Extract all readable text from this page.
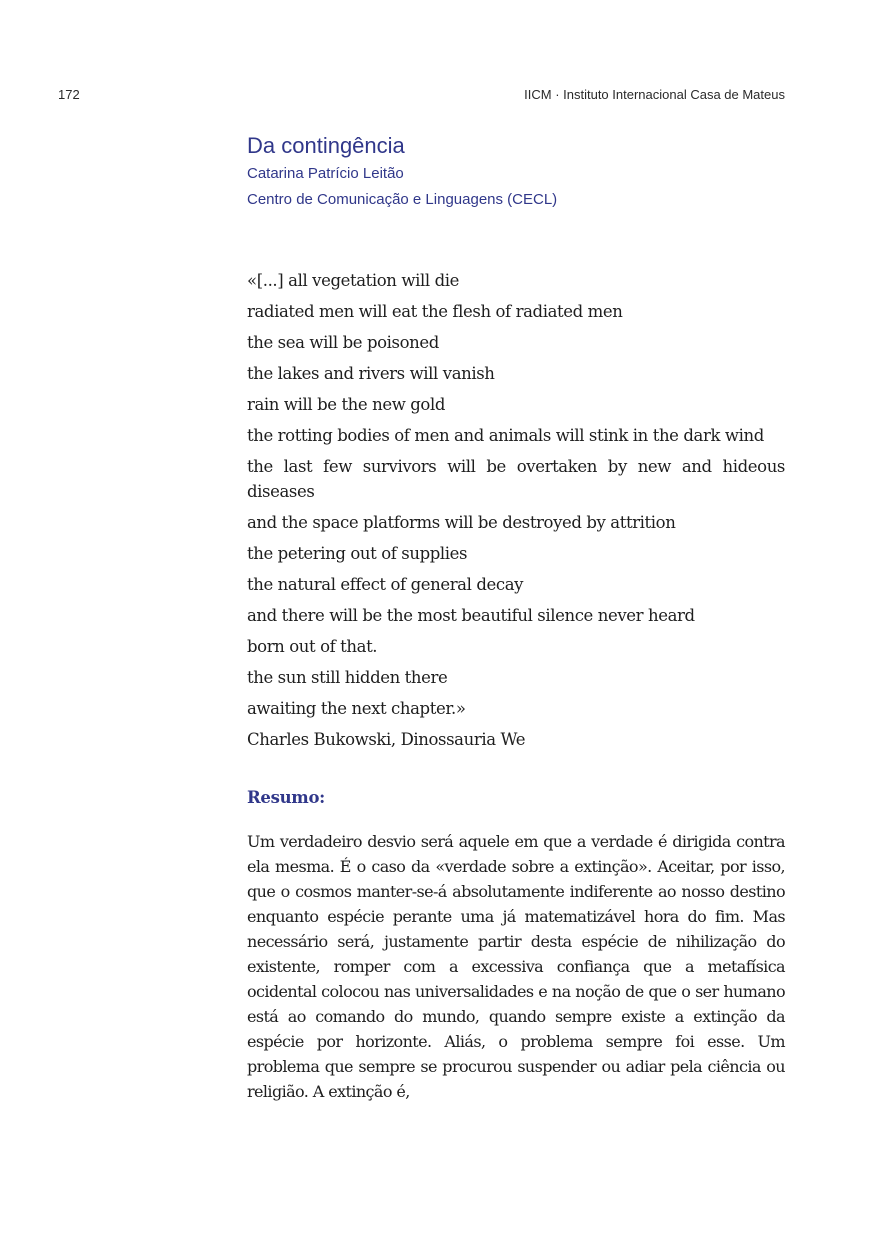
172	IICM · Instituto Internacional Casa de Mateus
Da contingência
Catarina Patrício Leitão
Centro de Comunicação e Linguagens (CECL)
«[...] all vegetation will die
radiated men will eat the flesh of radiated men
the sea will be poisoned
the lakes and rivers will vanish
rain will be the new gold
the rotting bodies of men and animals will stink in the dark wind
the last few survivors will be overtaken by new and hideous diseases
and the space platforms will be destroyed by attrition
the petering out of supplies
the natural effect of general decay
and there will be the most beautiful silence never heard
born out of that.
the sun still hidden there
awaiting the next chapter.»
Charles Bukowski, Dinossauria We
Resumo:

Um verdadeiro desvio será aquele em que a verdade é dirigida contra ela mesma. É o caso da «verdade sobre a extinção». Aceitar, por isso, que o cosmos manter-se-á absolutamente indiferente ao nosso destino enquanto espécie perante uma já matematizável hora do fim. Mas necessário será, justamente partir desta espécie de nihilização do existente, romper com a excessiva confiança que a metafísica ocidental colocou nas universalidades e na noção de que o ser humano está ao comando do mundo, quando sempre existe a extinção da espécie por horizonte. Aliás, o problema sempre foi esse. Um problema que sempre se procurou suspender ou adiar pela ciência ou religião. A extinção é,
